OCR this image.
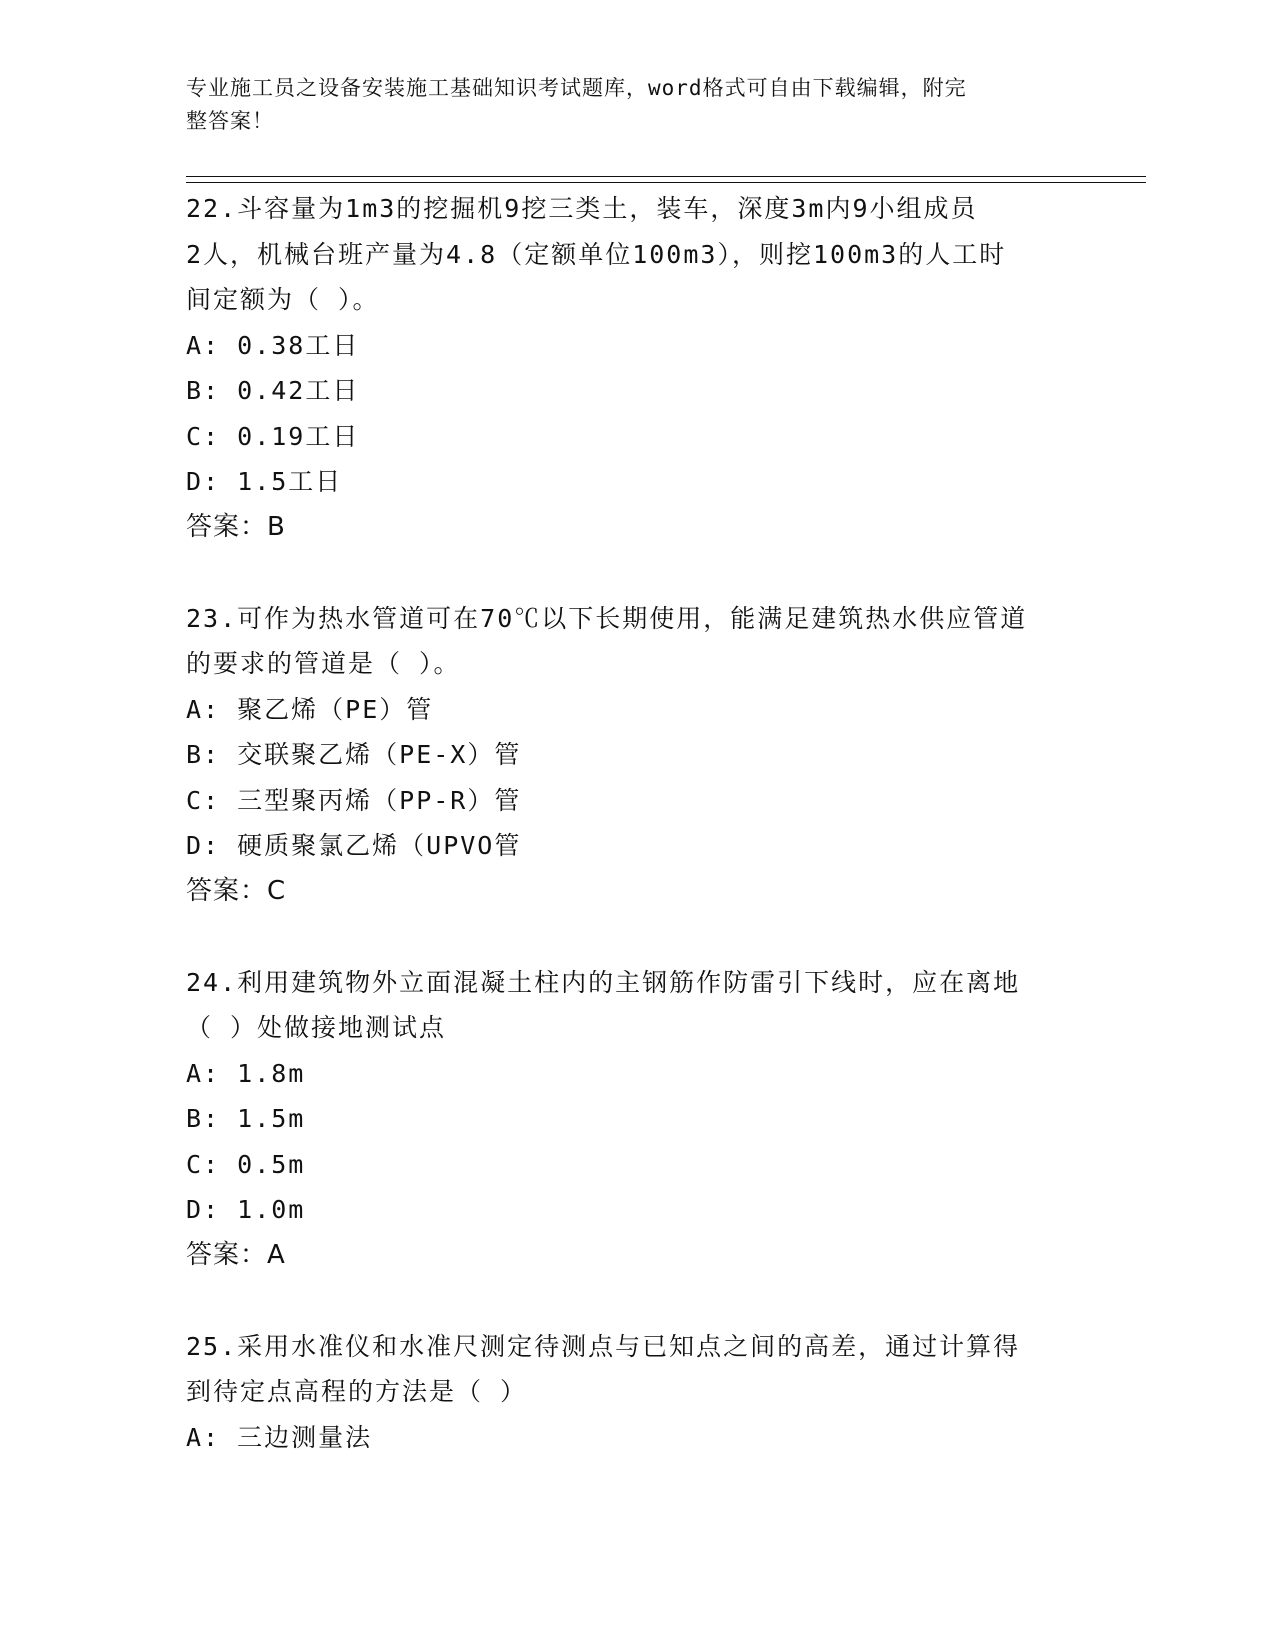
专业施工员之设备安装施工基础知识考试题库，word格式可自由下载编辑，附完
整答案！

22.斗容量为1m3的挖掘机9挖三类土，装车，深度3m内9小组成员

2人，机械台班产量为4.8（定额单位100m3），则挖100m3的人工时

间定额为（ ）。

A: 0.38工日

B: 0.42工日

C: 0.19工日

D: 1.5工日

答案：B

23.可作为热水管道可在70℃以下长期使用，能满足建筑热水供应管道

的要求的管道是（ ）。

A: 聚乙烯（PE）管

B: 交联聚乙烯（PE-X）管

C: 三型聚丙烯（PP-R）管

D: 硬质聚氯乙烯（UPVO管

答案：C

24.利用建筑物外立面混凝土柱内的主钢筋作防雷引下线时，应在离地

（ ）处做接地测试点

A: 1.8m

B: 1.5m

C: 0.5m

D: 1.0m

答案：A

25.采用水准仪和水准尺测定待测点与已知点之间的高差，通过计算得

到待定点高程的方法是（ ）

A: 三边测量法
